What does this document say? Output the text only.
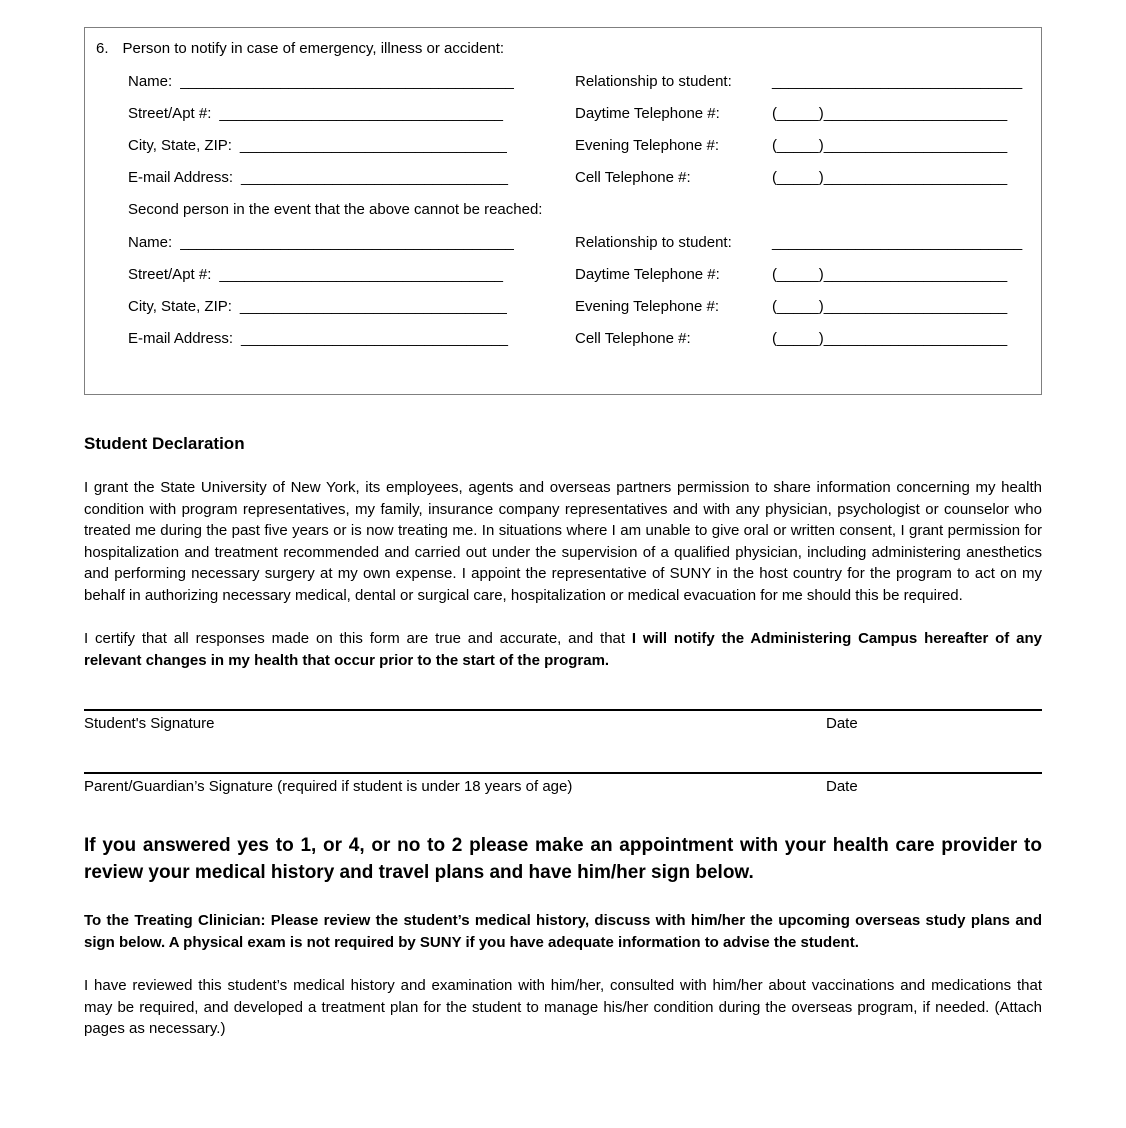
6. Person to notify in case of emergency, illness or accident:
Name: ________________________________________	Relationship to student:	______________________________
Street/Apt #: __________________________________	Daytime Telephone #:	(_____)______________________
City, State, ZIP: ________________________________	Evening Telephone #:	(_____)______________________
E-mail Address: ________________________________	Cell Telephone #:	(_____)______________________
Second person in the event that the above cannot be reached:
Name: ________________________________________	Relationship to student:	______________________________
Street/Apt #: __________________________________	Daytime Telephone #:	(_____)______________________
City, State, ZIP: ________________________________	Evening Telephone #:	(_____)______________________
E-mail Address: ________________________________	Cell Telephone #:	(_____)______________________
Student Declaration

I grant the State University of New York, its employees, agents and overseas partners permission to share information concerning my health condition with program representatives, my family, insurance company representatives and with any physician, psychologist or counselor who treated me during the past five years or is now treating me. In situations where I am unable to give oral or written consent, I grant permission for hospitalization and treatment recommended and carried out under the supervision of a qualified physician, including administering anesthetics and performing necessary surgery at my own expense. I appoint the representative of SUNY in the host country for the program to act on my behalf in authorizing necessary medical, dental or surgical care, hospitalization or medical evacuation for me should this be required.

I certify that all responses made on this form are true and accurate, and that I will notify the Administering Campus hereafter of any relevant changes in my health that occur prior to the start of the program.

Student's Signature	Date
Parent/Guardian’s Signature (required if student is under 18 years of age)	Date
If you answered yes to 1, or 4, or no to 2 please make an appointment with your health care provider to review your medical history and travel plans and have him/her sign below.

To the Treating Clinician: Please review the student’s medical history, discuss with him/her the upcoming overseas study plans and sign below. A physical exam is not required by SUNY if you have adequate information to advise the student.

I have reviewed this student’s medical history and examination with him/her, consulted with him/her about vaccinations and medications that may be required, and developed a treatment plan for the student to manage his/her condition during the overseas program, if needed. (Attach pages as necessary.)
